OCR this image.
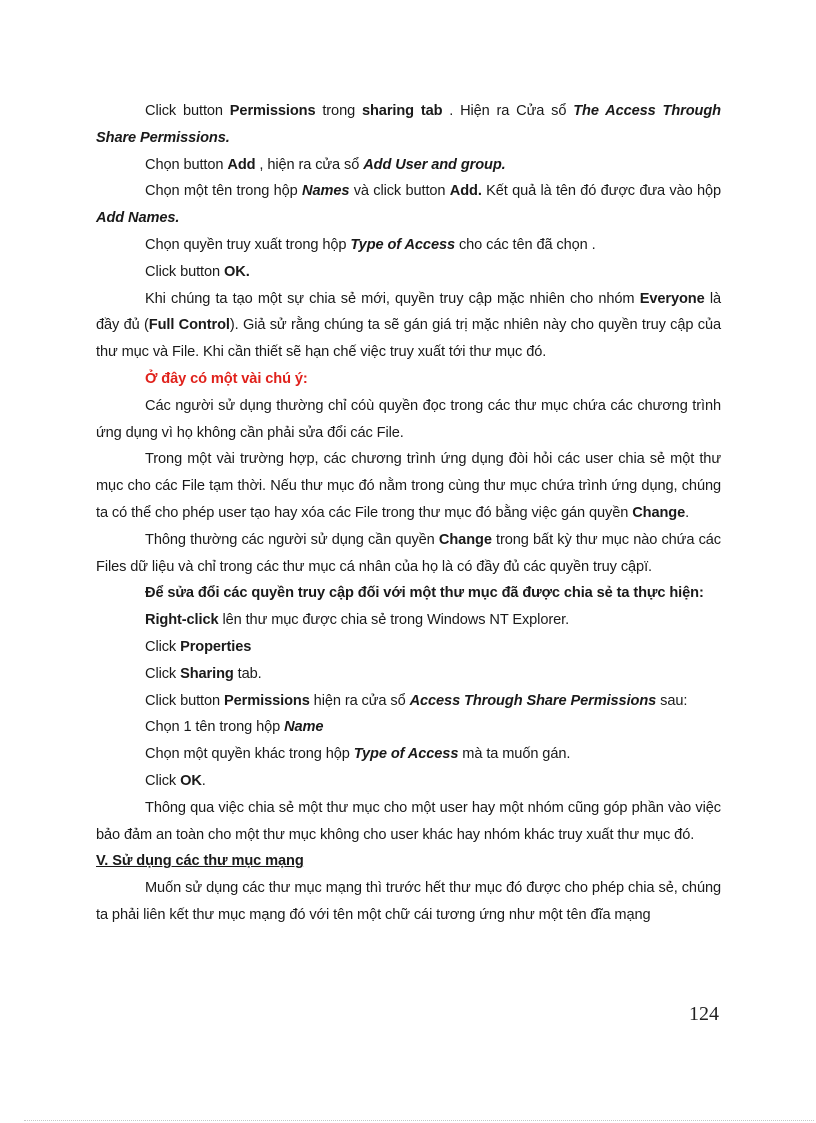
Click button Permissions trong sharing tab . Hiện ra Cửa sổ The Access Through Share Permissions.

Chọn button Add , hiện ra cửa sổ Add User and group.

Chọn một tên trong hộp Names và click button Add. Kết quả là tên đó được đưa vào hộp Add Names.

Chọn quyền truy xuất trong hộp Type of Access cho các tên đã chọn .

Click button OK.

Khi chúng ta tạo một sự chia sẻ mới, quyền truy cập mặc nhiên cho nhóm Everyone là đầy đủ (Full Control). Giả sử rằng chúng ta sẽ gán giá trị mặc nhiên này cho quyền truy cập của thư mục và File. Khi cần thiết sẽ hạn chế việc truy xuất tới thư mục đó.

Ở đây có một vài chú ý:

Các người sử dụng thường chỉ cóù quyền đọc trong các thư mục chứa các chương trình ứng dụng vì họ không cần phải sửa đổi các File.

Trong một vài trường hợp, các chương trình ứng dụng đòi hỏi các user chia sẻ một thư mục cho các File tạm thời. Nếu thư mục đó nằm trong cùng thư mục chứa trình ứng dụng, chúng ta có thể cho phép user tạo hay xóa các File trong thư mục đó bằng việc gán quyền Change.

Thông thường các người sử dụng cần quyền Change trong bất kỳ thư mục nào chứa các Files dữ liệu và chỉ trong các thư mục cá nhân của họ là có đầy đủ các quyền truy cậpï.

Để sửa đổi các quyền truy cập đối với một thư mục đã được chia sẻ ta thực hiện:

Right-click lên thư mục được chia sẻ trong Windows NT Explorer.

Click Properties

Click Sharing tab.

Click button Permissions hiện ra cửa sổ Access Through Share Permissions sau:

Chọn 1 tên trong hộp Name

Chọn một quyền khác trong hộp Type of Access mà ta muốn gán.

Click OK.

Thông qua việc chia sẻ một thư mục cho một user hay một nhóm cũng góp phần vào việc bảo đảm an toàn cho một thư mục không cho user khác hay nhóm khác truy xuất thư mục đó.

V. Sử dụng các thư mục mạng

Muốn sử dụng các thư mục mạng thì trước hết thư mục đó được cho phép chia sẻ, chúng ta phải liên kết thư mục mạng đó với tên một chữ cái tương ứng như một tên đĩa mạng

124
